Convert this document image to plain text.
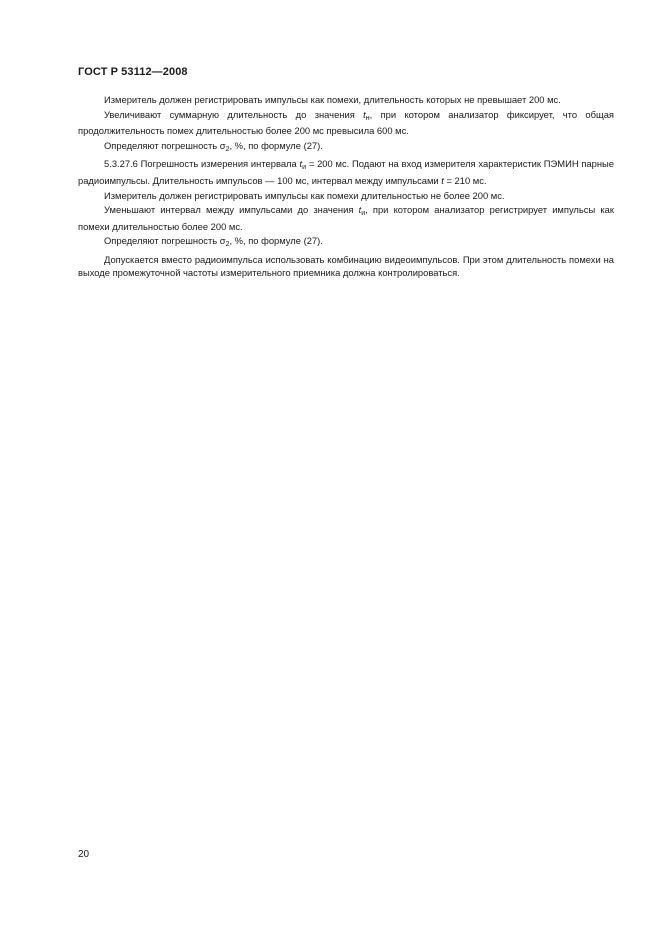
ГОСТ Р 53112—2008

Измеритель должен регистрировать импульсы как помехи, длительность которых не превышает 200 мс.

Увеличивают суммарную длительность до значения $t_н$, при котором анализатор фиксирует, что общая продолжительность помех длительностью более 200 мс превысила 600 мс.

Определяют погрешность $\sigma_2$, %, по формуле (27).

5.3.27.6 Погрешность измерения интервала $t_и = 200$ мс. Подают на вход измерителя характеристик ПЭМИН парные радиоимпульсы. Длительность импульсов — 100 мс, интервал между импульсами t = 210 мс.

Измеритель должен регистрировать импульсы как помехи длительностью не более 200 мс.

Уменьшают интервал между импульсами до значения $t_и$, при котором анализатор регистрирует импульсы как помехи длительностью более 200 мс.

Определяют погрешность $\sigma_2$, %, по формуле (27).

Допускается вместо радиоимпульса использовать комбинацию видеоимпульсов. При этом длительность помехи на выходе промежуточной частоты измерительного приемника должна контролироваться.

20
